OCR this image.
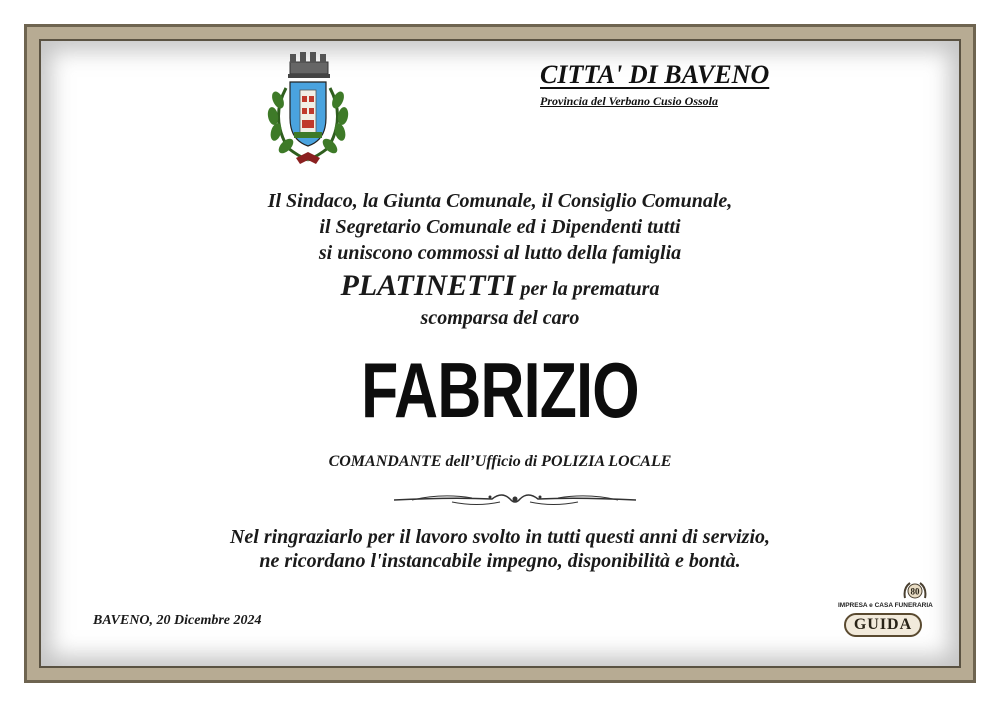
CITTA' DI BAVENO
Provincia del Verbano Cusio Ossola
Il Sindaco, la Giunta Comunale, il Consiglio Comunale,
il Segretario Comunale ed i Dipendenti tutti
si uniscono commossi al lutto della famiglia
PLATINETTI per la prematura
scomparsa del caro
FABRIZIO
COMANDANTE dell’Ufficio di POLIZIA LOCALE
Nel ringraziarlo per il lavoro svolto in tutti questi anni di servizio,
ne ricordano l'instancabile impegno, disponibilità e bontà.
BAVENO, 20 Dicembre 2024
80
IMPRESA e CASA FUNERARIA
GUIDA
